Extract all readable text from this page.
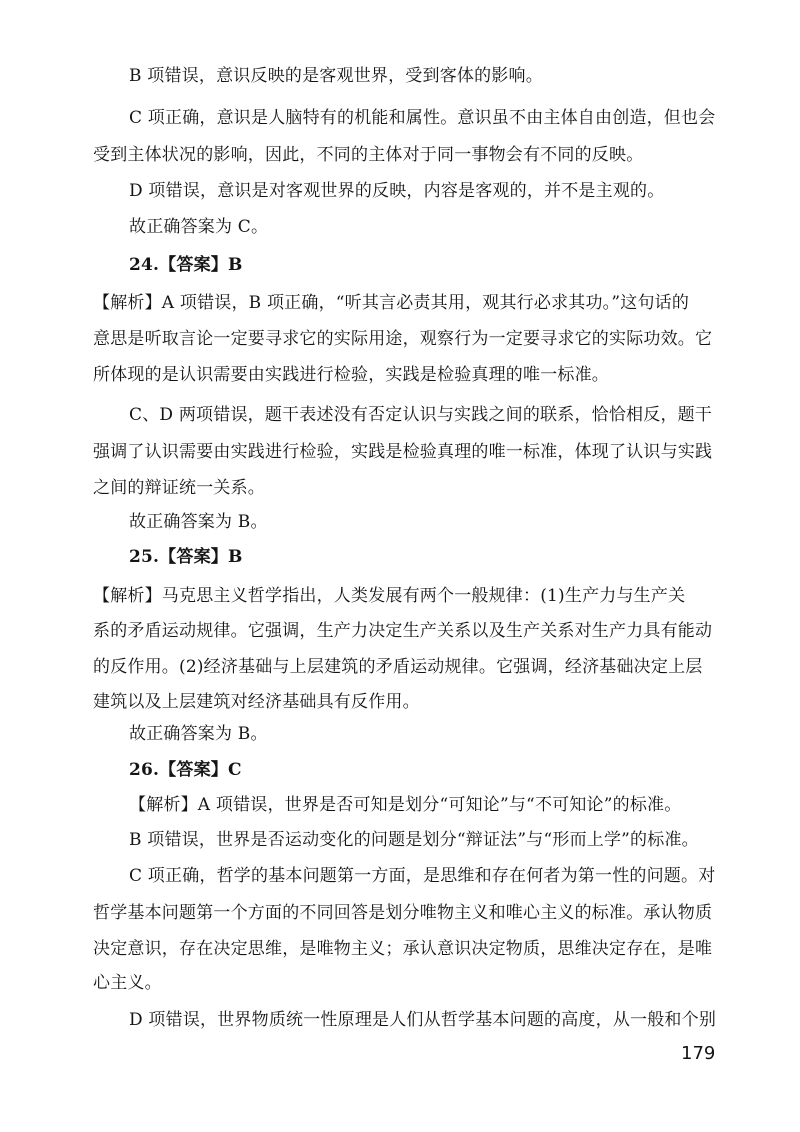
B 项错误，意识反映的是客观世界，受到客体的影响。
C 项正确，意识是人脑特有的机能和属性。意识虽不由主体自由创造，但也会
受到主体状况的影响，因此，不同的主体对于同一事物会有不同的反映。
D 项错误，意识是对客观世界的反映，内容是客观的，并不是主观的。
故正确答案为 C。
24.【答案】B
【解析】A 项错误，B 项正确，“听其言必责其用，观其行必求其功。”这句话的
意思是听取言论一定要寻求它的实际用途，观察行为一定要寻求它的实际功效。它
所体现的是认识需要由实践进行检验，实践是检验真理的唯一标准。
C、D 两项错误，题干表述没有否定认识与实践之间的联系，恰恰相反，题干
强调了认识需要由实践进行检验，实践是检验真理的唯一标准，体现了认识与实践
之间的辩证统一关系。
故正确答案为 B。
25.【答案】B
【解析】马克思主义哲学指出，人类发展有两个一般规律：(1)生产力与生产关
系的矛盾运动规律。它强调，生产力决定生产关系以及生产关系对生产力具有能动
的反作用。(2)经济基础与上层建筑的矛盾运动规律。它强调，经济基础决定上层
建筑以及上层建筑对经济基础具有反作用。
故正确答案为 B。
26.【答案】C
【解析】A 项错误，世界是否可知是划分“可知论”与“不可知论”的标准。
B 项错误，世界是否运动变化的问题是划分“辩证法”与“形而上学”的标准。
C 项正确，哲学的基本问题第一方面，是思维和存在何者为第一性的问题。对
哲学基本问题第一个方面的不同回答是划分唯物主义和唯心主义的标准。承认物质
决定意识，存在决定思维，是唯物主义；承认意识决定物质，思维决定存在，是唯
心主义。
D 项错误，世界物质统一性原理是人们从哲学基本问题的高度，从一般和个别
179
